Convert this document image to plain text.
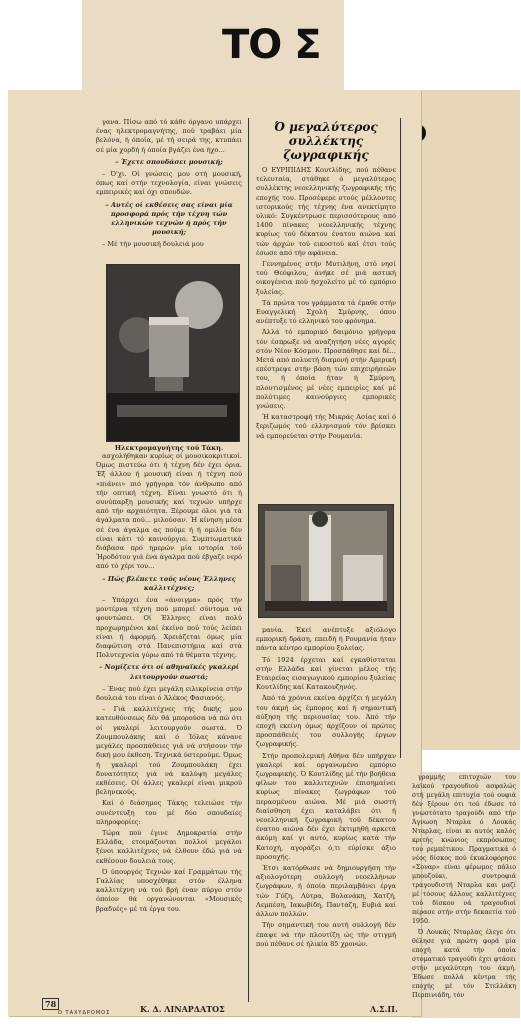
ΤΟ Σ

γανα. Πίσω από τό κάθε όργανο υπάρχει ένας ηλεκτρομαγνήτης, πού τραβάει μία βελόνα, ή όποία, μέ τή σειρά της, κτυπάει σέ μία χορδή ή όποία βγάζει ένα ήχο...

– Έχετε σπουδάσει μουσική;

– Ό'χι. Οί γνώσεις μου στή μουσική, όπως καί στήν τεχνολογία, είναι γνώσεις εμπειρικές καί όχι σπουδών.

– Αυτές οί εκθέσεις σας είναι μία προσφορά πρός τήν τέχνη τών ελληνικών τεχνών ή πρός τήν μουσική;

– Μέ τήν μουσική δουλειά μου

Ηλεκτρομαγνήτης τού Τάκη.

ασχολήθηκαν κυρίως οί μουσικοκριτικοί. Όμως πιστεύω ότι ή τέχνη δέν έχει όρια. Έξ άλλου ή μουσική είναι ή τέχνη πού «πιάνει» πιό γρήγορα τόν άνθρωπο από τήν οπτική τέχνη. Είναι γνωστό ότι ή συνύπαρξη μουσικής καί τεχνών υπήρχε από τήν αρχαιότητα. Ξέρουμε όλοι γιά τά άγάλματα πού... μιλούσαν. Ή κίνηση μέσα σέ ένα άγαλμα ας πούμε ή ή ομιλία δέν είναι κάτι τό καινούργιο. Συμπτωματικά διάβασα πρό ημερών μία ιστορία τού Ήροδότου γιά ένα άγαλμα πού έβγαζε νερό από τό χέρι του...

– Πώς βλέπετε τούς νέους Έλληνες καλλιτέχνες;

– Υπάρχει ένα «άνοιγμα» πρός τήν μοντέρνα τέχνη πού μπορεί σύντομα νά φουντώσει. Οί Έλληνες είναι πολύ προχωρημένοι καί έκείνο πού τούς λείπει είναι ή άφορμή. Χρειάζεται όμως μία διαφώτιση στά Πανεπιστήμια καί στά Πολυτεχνεία γύρω από τά θέματα τέχνης.

– Νομίζετε ότι οί αθηναϊκές γκαλερί λειτουργούν σωστά;

– Ένας πού έχει μεγάλη ειλικρίνεια στήν δουλειά του είναι ό Άλέκος Φασιανός.

– Γιά καλλιτέχνες τής δικής μου κατευθύνσεως δέν θά μπορούσα νά πώ ότι οί γκαλερί λειτουργούν σωστά. Ό Ζουμπουλάκης καί ό Ίόλας κάνανε μεγάλες προσπάθειες γιά νά στήσουν τήν δική μου έκθεση. Τεχνικά ύστερούμε. Όμως ή γκαλερί τού Ζουμπουλάκη έχει δυνατότητες γιά νά καλύψη μεγάλες εκθέσεις. Οί άλλες γκαλερί είναι μικρού βεληνεκούς.

Καί ό διάσημος Τάκης τελειώσε τήν συνέντευξη του μέ δύο σπουδαίες πληροφορίες:

Τώρα πού έγινε Δημοκρατία στήν Ελλάδα, ετοιμάζονται πολλοί μεγάλοι ξένοι καλλιτέχνες νά έλθουν έδώ γιά νά εκθέσουν δουλειά τους.

Ό ύπουργός Τεχνών καί Γραμμάτων τής Γαλλίας υποσχέθηκε στόν έλληνα καλλιτέχνη νά τού βρή έναν πύργο στόν όποίον θά οργανώνονται «Μουσικές βραδυές» μέ τά έργα του.

Ό μεγαλύτερος συλλέκτης ζωγραφικής

Ο ΕΥΡΙΠΙΔΗΣ Κουτλίδης, πού πέθανε τελευταία, στάθηκε ό μεγαλύτερος συλλέκτης νεοελληνικής ζωγραφικής τής εποχής του. Προσέφερε στούς μέλλοντες ιστορικούς τής τέχνης ένα ανεκτίμητο υλικό: Συγκέντρωσε περισσότερους από 1400 πίνακες νεοελληνικής τέχνης κυρίως τού δέκατου ένατου αιώνα καί τών άρχών τού εικοστού καί έτσι τούς έσωσε από τήν αφάνεια.

Γεννημένος στήν Μυτιλήνη, στό νησί τού Θεόφιλου, άνήκε σέ μιά αστική οικογένεια πού ήσχολείτο μέ τό εμπόριο ξυλείας.

Τά πρώτα του γράμματα τά έμαθε στήν Ευαγγελική Σχολή Σμύρνης, όπου ανέπτυξε τό ελληνικό του φρόνημα.

Άλλά τό εμπορικό δαιμόνιο γρήγορα τόν έσπρωξε νά αναζητήση νέες αγορές στόν Νέον Κόσμον. Προσπάθησε καί δέ... Μετά από πολυετή διαμονή στήν Αμερική επέστρεψε στήν βάση τών επιχειρήσεών του, ή όποία ήταν ή Σμύρνη, πλουτισμένος μέ νέες εμπειρίες καί μέ πολύτιμες καινούργιες εμπορικές γνώσεις.

Ή καταστροφή τής Μικράς Ασίας καί ό ξεριζωμός τού ελληνισμού τόν βρίσκει νά εμπορεύεται στήν Ρουμανία.

μανία. Έκεί ανέπτυξε αξιόλογο εμπορική δράση, επειδή ή Ρουμανία ήταν πάντα κέντρο εμπορίου ξυλείας.

Τό 1924 έρχεται καί εγκαθίσταται στήν Ελλάδα καί γίνεται μέλος τής Εταιρείας εισαγωγικού εμπορίου ξυλείας Κουτλίδης καί Κατακουζηνός.

Άπό τά χρόνια εκείνα άρχίζει ή μεγάλη του άκμή ώς έμπορος καί ή σημαντική αύξηση τής περιουσίας του. Άπό τήν εποχή εκείνη όμως άρχίζουν οί πρώτες προσπάθειές του συλλογής έργων ζωγραφικής.

Στήν προπολεμική Αθήνα δέν υπήρχαν γκαλερί καί οργανωμένο εμπόριο ζωγραφικής. Ό Κουτλίδης μέ τήν βοήθεια φίλων του καλλιτεχνών έπισημαίνει κυρίως πίνακες ζωγράφων τού περασμένου αιώνα. Μέ μιά σωστή διαίσθηση έχει καταλάβει ότι ή νεοελληνική ζωγραφική τού δέκατου ένατου αιώνα δέν έχει έκτιμηθή αρκετά άκόμη καί γι αυτό, κυρίως κατά τήν Κατοχή, αγοράζει ό,τι εύρίσκε άξιο προσοχής.

Έτσι κατόρθωσε νά δημιουργήση τήν αξιολογότερη συλλογή νεοελλήνων ζωγράφων, ή όποία περιλαμβάνει έργα τών Γύζη, Λύτρα, Βολανάκη, Χατζή, Λεμπέση, Ιακωβίδη, Παντάζη, Ευβιά καί άλλων πολλών.

Τήν σημαντική του αυτή συλλογή δέν έπαψε νά τήν πλουτίζη ώς τήν στιγμή πού πέθανε σέ ήλικία 85 χρονών.

γραμμής επιτυχιών του λαϊκού τραγουδιού ασφαλώς στή μεγάλη επιτυχία τού ουφιά δέν ξέρουν ότι τού έδωσε τό γνωστότατο τραγούδι από τήν Άγνωση Νταρλα ό Λουκάς Νταρλας, είναι κι αυτός καλός κριτής κνώνιος εκπρόσωπος του ρεμπέτικου. Πραγματικά ό νέος δίσκος πού έκυκλοφόρησε «Σοναρ» είναι φέρωμος πάλιο μπουζούκι, συντροφιά τραγουδιστή Νταρλα και μαζί μέ τόσους άλλους καλλιτέχνες τού δίσκου νά τραγουδιοί πέρασε στήν στήν δεκαετία τού 1950.

Ό Λουκάς Νταρλας έλεγε ότι θέλησε γιά πρώτη φορά μία εποχή κατά τήν όποία στοματικό τραγούδι έχει φτάσει στήν μεγαλύτερη του άκμή. Έδωσε πολλά κέντρα τής εποχής μέ τόν Στελλάκη Περπινιάδη, τόν

78
Ο ΤΑΧΥΔΡΟΜΟΣ	Κ. Δ. ΛΙΝΑΡΔΑΤΟΣ	Λ.Σ.Π.
